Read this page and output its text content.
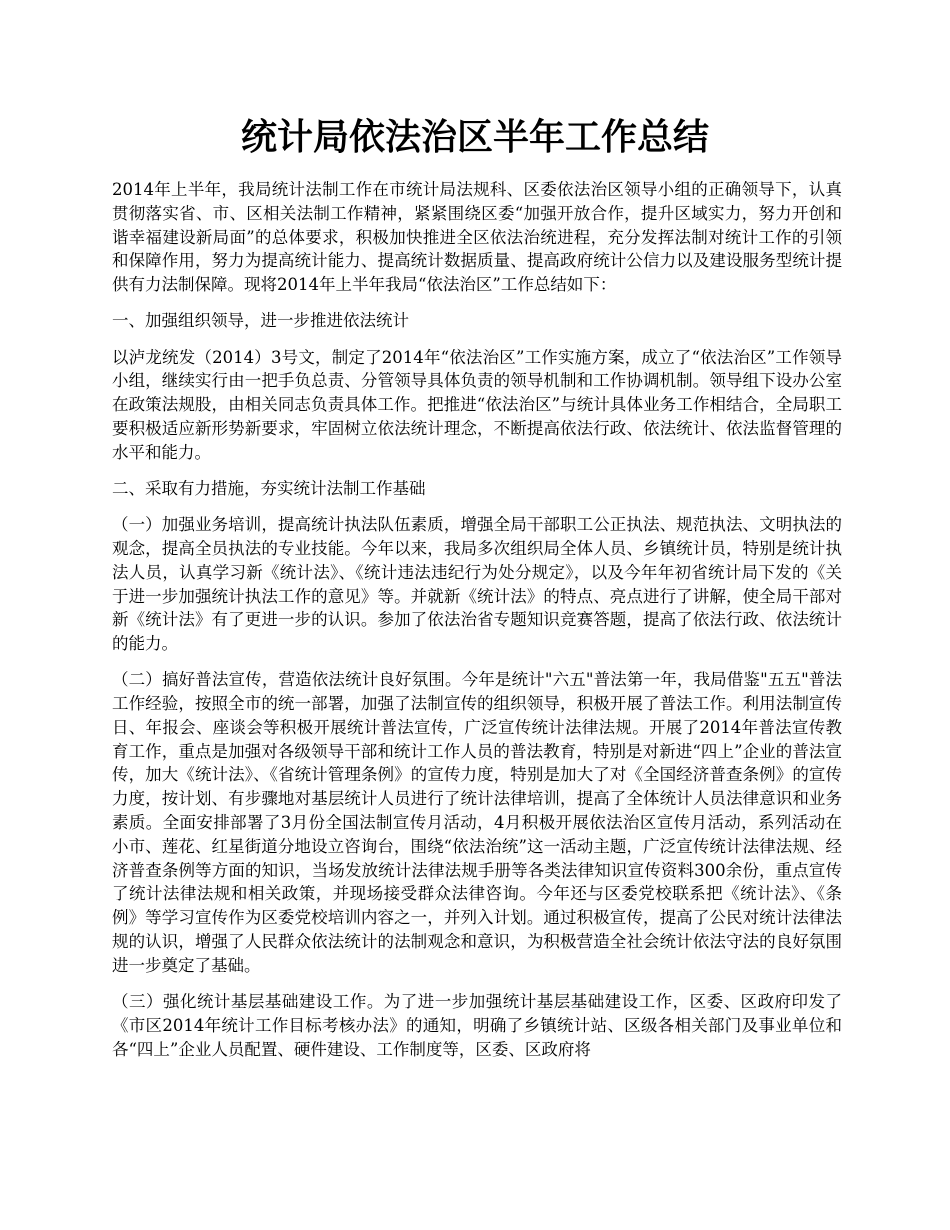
统计局依法治区半年工作总结

2014年上半年，我局统计法制工作在市统计局法规科、区委依法治区领导小组的正确领导下，认真贯彻落实省、市、区相关法制工作精神，紧紧围绕区委“加强开放合作，提升区域实力，努力开创和谐幸福建设新局面”的总体要求，积极加快推进全区依法治统进程，充分发挥法制对统计工作的引领和保障作用，努力为提高统计能力、提高统计数据质量、提高政府统计公信力以及建设服务型统计提供有力法制保障。现将2014年上半年我局“依法治区”工作总结如下：

一、加强组织领导，进一步推进依法统计

以泸龙统发（2014）3号文，制定了2014年“依法治区”工作实施方案，成立了“依法治区”工作领导小组，继续实行由一把手负总责、分管领导具体负责的领导机制和工作协调机制。领导组下设办公室在政策法规股，由相关同志负责具体工作。把推进“依法治区”与统计具体业务工作相结合，全局职工要积极适应新形势新要求，牢固树立依法统计理念，不断提高依法行政、依法统计、依法监督管理的水平和能力。

二、采取有力措施，夯实统计法制工作基础

（一）加强业务培训，提高统计执法队伍素质，增强全局干部职工公正执法、规范执法、文明执法的观念，提高全员执法的专业技能。今年以来，我局多次组织局全体人员、乡镇统计员，特别是统计执法人员，认真学习新《统计法》、《统计违法违纪行为处分规定》，以及今年年初省统计局下发的《关于进一步加强统计执法工作的意见》等。并就新《统计法》的特点、亮点进行了讲解，使全局干部对新《统计法》有了更进一步的认识。参加了依法治省专题知识竞赛答题，提高了依法行政、依法统计的能力。

（二）搞好普法宣传，营造依法统计良好氛围。今年是统计"六五"普法第一年，我局借鉴"五五"普法工作经验，按照全市的统一部署，加强了法制宣传的组织领导，积极开展了普法工作。利用法制宣传日、年报会、座谈会等积极开展统计普法宣传，广泛宣传统计法律法规。开展了2014年普法宣传教育工作，重点是加强对各级领导干部和统计工作人员的普法教育，特别是对新进“四上”企业的普法宣传，加大《统计法》、《省统计管理条例》的宣传力度，特别是加大了对《全国经济普查条例》的宣传力度，按计划、有步骤地对基层统计人员进行了统计法律培训，提高了全体统计人员法律意识和业务素质。全面安排部署了3月份全国法制宣传月活动，4月积极开展依法治区宣传月活动，系列活动在小市、莲花、红星街道分地设立咨询台，围绕“依法治统”这一活动主题，广泛宣传统计法律法规、经济普查条例等方面的知识，当场发放统计法律法规手册等各类法律知识宣传资料300余份，重点宣传了统计法律法规和相关政策，并现场接受群众法律咨询。今年还与区委党校联系把《统计法》、《条例》等学习宣传作为区委党校培训内容之一，并列入计划。通过积极宣传，提高了公民对统计法律法规的认识，增强了人民群众依法统计的法制观念和意识，为积极营造全社会统计依法守法的良好氛围进一步奠定了基础。

（三）强化统计基层基础建设工作。为了进一步加强统计基层基础建设工作，区委、区政府印发了《市区2014年统计工作目标考核办法》的通知，明确了乡镇统计站、区级各相关部门及事业单位和各“四上”企业人员配置、硬件建设、工作制度等，区委、区政府将
